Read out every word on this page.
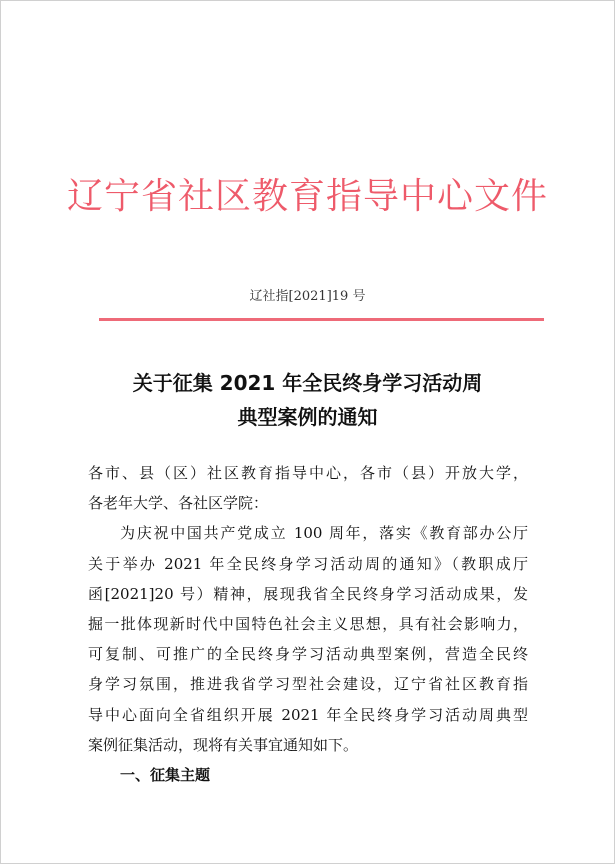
辽宁省社区教育指导中心文件
辽社指[2021]19 号
关于征集 2021 年全民终身学习活动周
典型案例的通知
各市、县（区）社区教育指导中心，各市（县）开放大学，
各老年大学、各社区学院：
为庆祝中国共产党成立 100 周年，落实《教育部办公厅
关于举办 2021 年全民终身学习活动周的通知》（教职成厅
函[2021]20 号）精神，展现我省全民终身学习活动成果，发
掘一批体现新时代中国特色社会主义思想，具有社会影响力，
可复制、可推广的全民终身学习活动典型案例，营造全民终
身学习氛围，推进我省学习型社会建设，辽宁省社区教育指
导中心面向全省组织开展 2021 年全民终身学习活动周典型
案例征集活动，现将有关事宜通知如下。
一、征集主题
